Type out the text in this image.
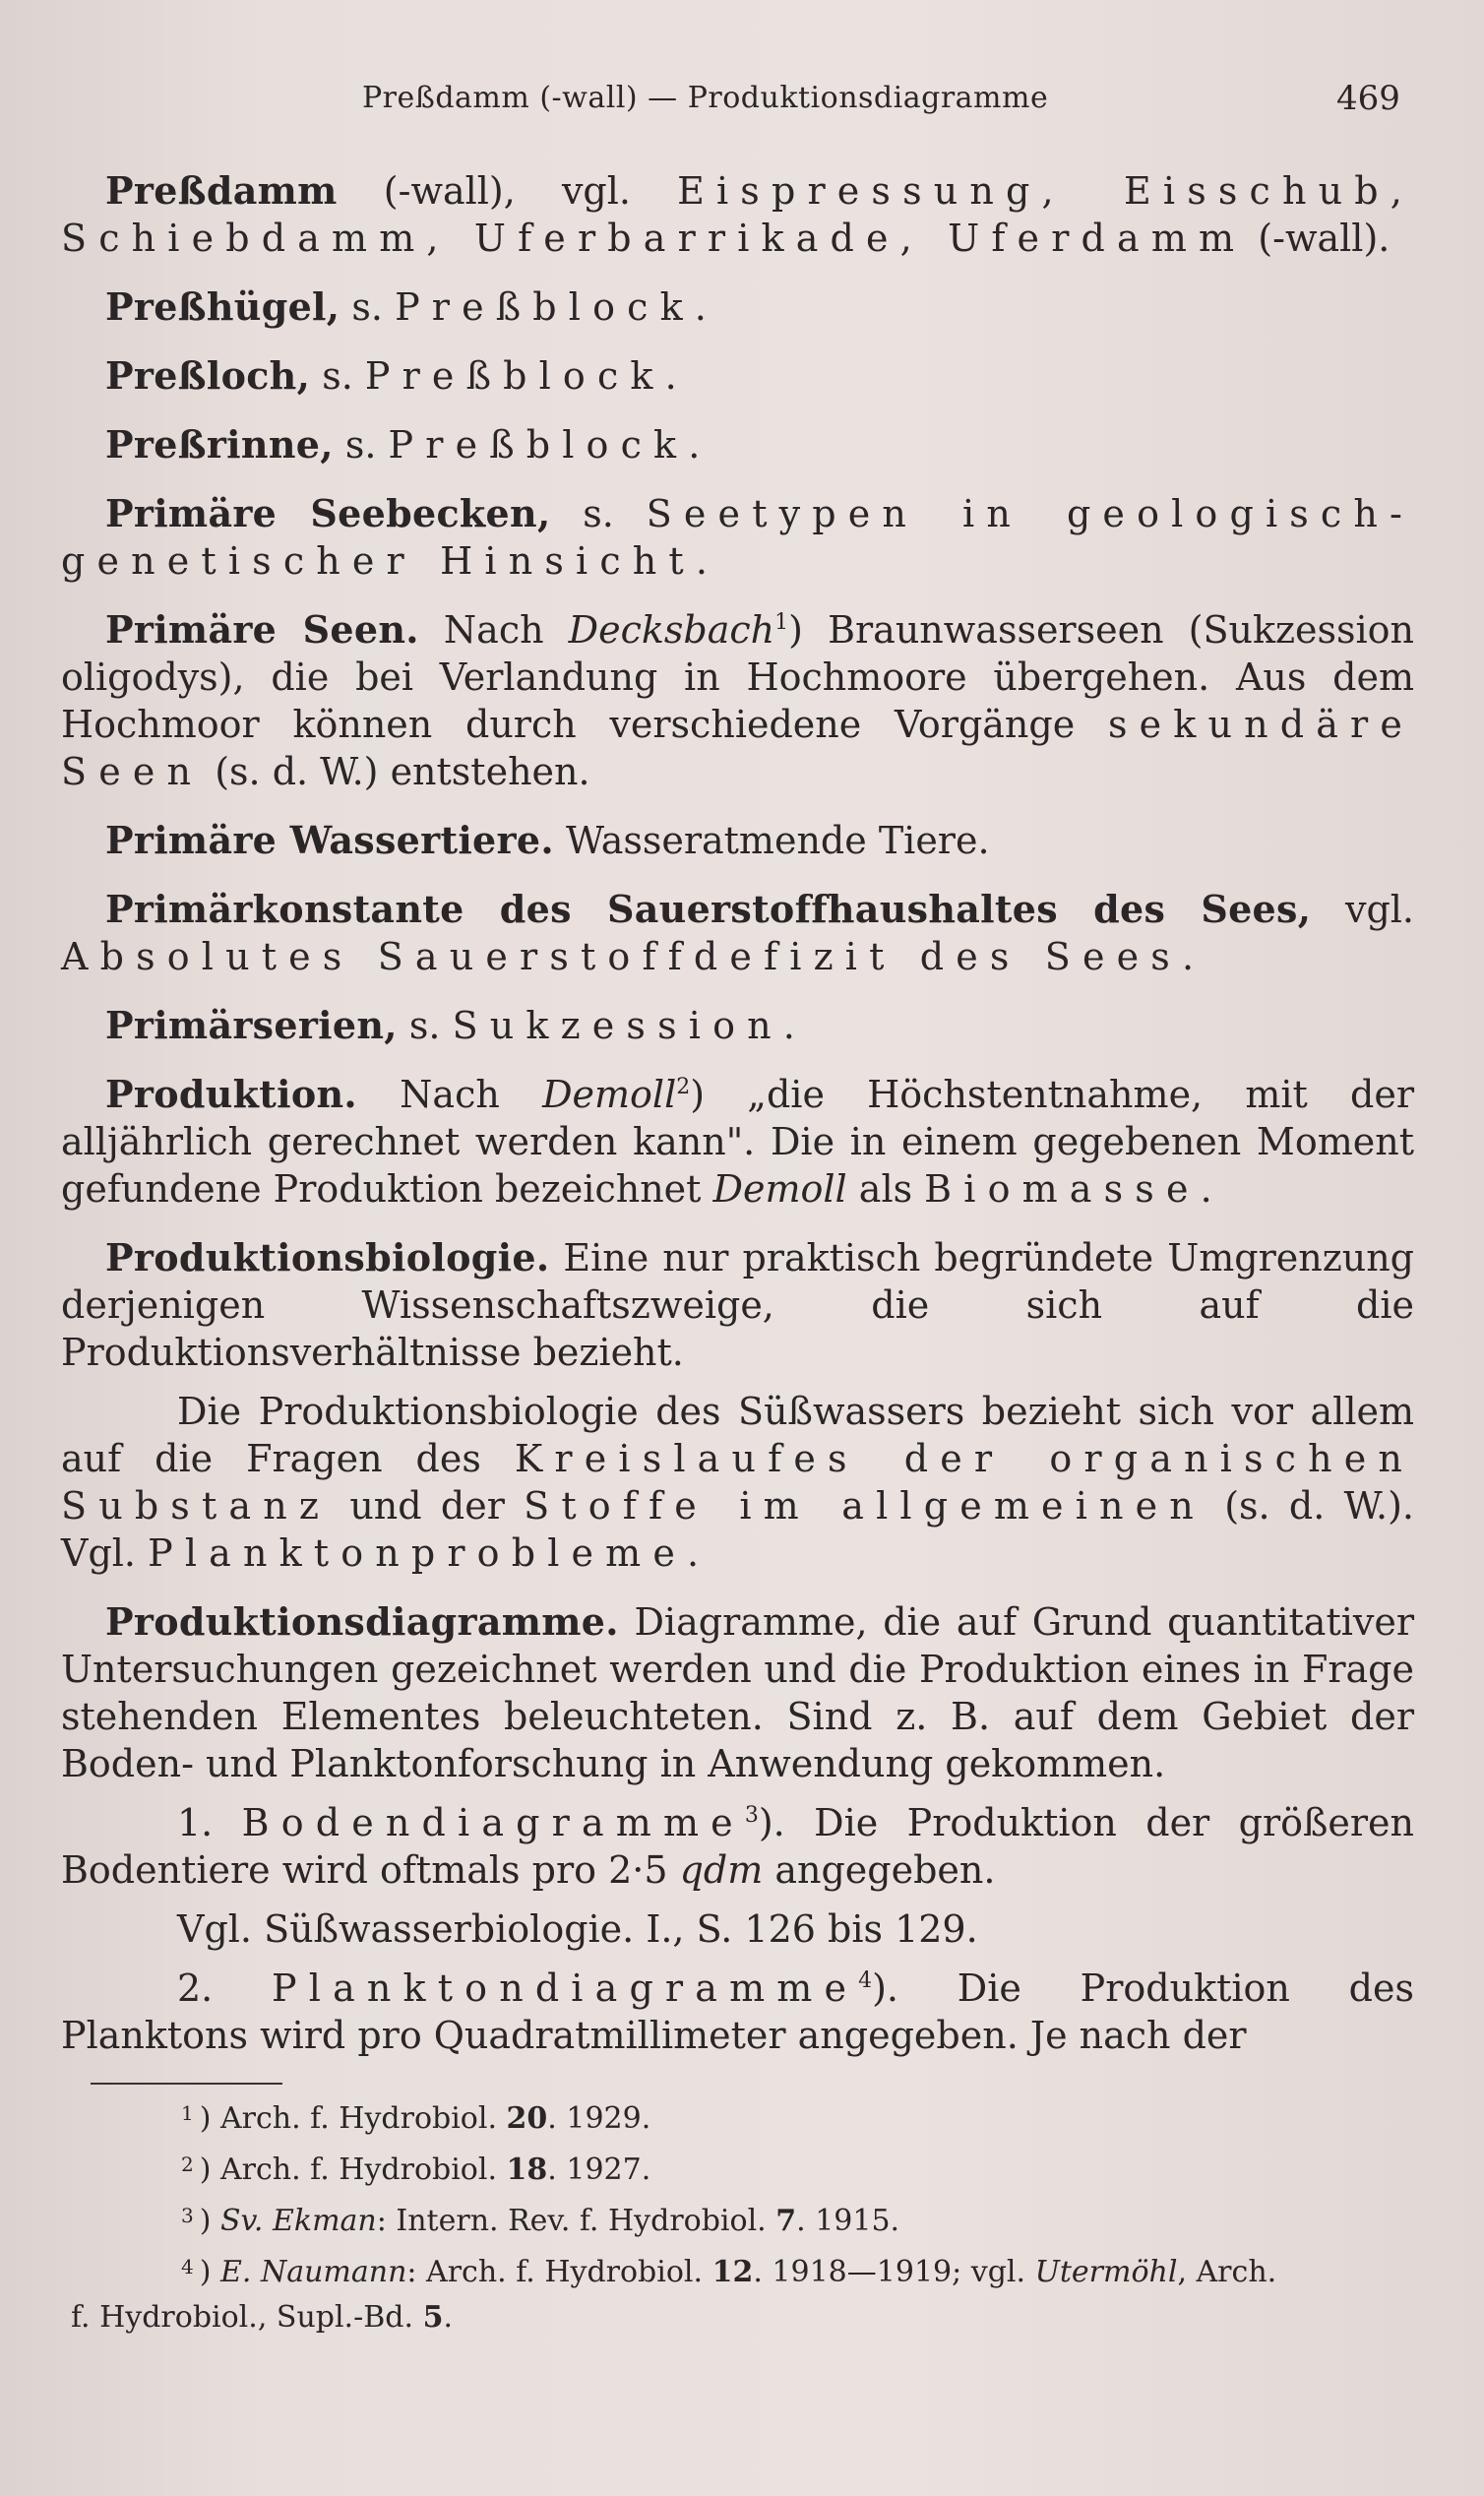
Preßdamm (-wall) — Produktionsdiagramme	469

Preßdamm (-wall), vgl. Eispressung, Eisschub, Schiebdamm, Uferbarrikade, Uferdamm (-wall).

Preßhügel, s. Preßblock.

Preßloch, s. Preßblock.

Preßrinne, s. Preßblock.

Primäre Seebecken, s. Seetypen in geologisch-genetischer Hinsicht.

Primäre Seen. Nach Decksbach$^1$) Braunwasserseen (Sukzession oligodys), die bei Verlandung in Hochmoore übergehen. Aus dem Hochmoor können durch verschiedene Vorgänge sekundäre Seen (s. d. W.) entstehen.

Primäre Wassertiere. Wasseratmende Tiere.

Primärkonstante des Sauerstoffhaushaltes des Sees, vgl. Absolutes Sauerstoffdefizit des Sees.

Primärserien, s. Sukzession.

Produktion. Nach Demoll$^2$) „die Höchstentnahme, mit der alljährlich gerechnet werden kann". Die in einem gegebenen Moment gefundene Produktion bezeichnet Demoll als Biomasse.

Produktionsbiologie. Eine nur praktisch begründete Umgrenzung derjenigen Wissenschaftszweige, die sich auf die Produktionsverhältnisse bezieht.

Die Produktionsbiologie des Süßwassers bezieht sich vor allem auf die Fragen des Kreislaufes der organischen Substanz und der Stoffe im allgemeinen (s. d. W.). Vgl. Planktonprobleme.

Produktionsdiagramme. Diagramme, die auf Grund quantitativer Untersuchungen gezeichnet werden und die Produktion eines in Frage stehenden Elementes beleuchteten. Sind z. B. auf dem Gebiet der Boden- und Planktonforschung in Anwendung gekommen.

1. Bodendiagramme$^3$). Die Produktion der größeren Bodentiere wird oftmals pro 2·5 qdm angegeben.

Vgl. Süßwasserbiologie. I., S. 126 bis 129.

2. Planktondiagramme$^4$). Die Produktion des Planktons wird pro Quadratmillimeter angegeben. Je nach der

$^1$ ) Arch. f. Hydrobiol. 20. 1929.

$^2$ ) Arch. f. Hydrobiol. 18. 1927.

$^3$ ) Sv. Ekman: Intern. Rev. f. Hydrobiol. 7. 1915.

$^4$ ) E. Naumann: Arch. f. Hydrobiol. 12. 1918—1919; vgl. Utermöhl, Arch.

f. Hydrobiol., Supl.-Bd. 5.
